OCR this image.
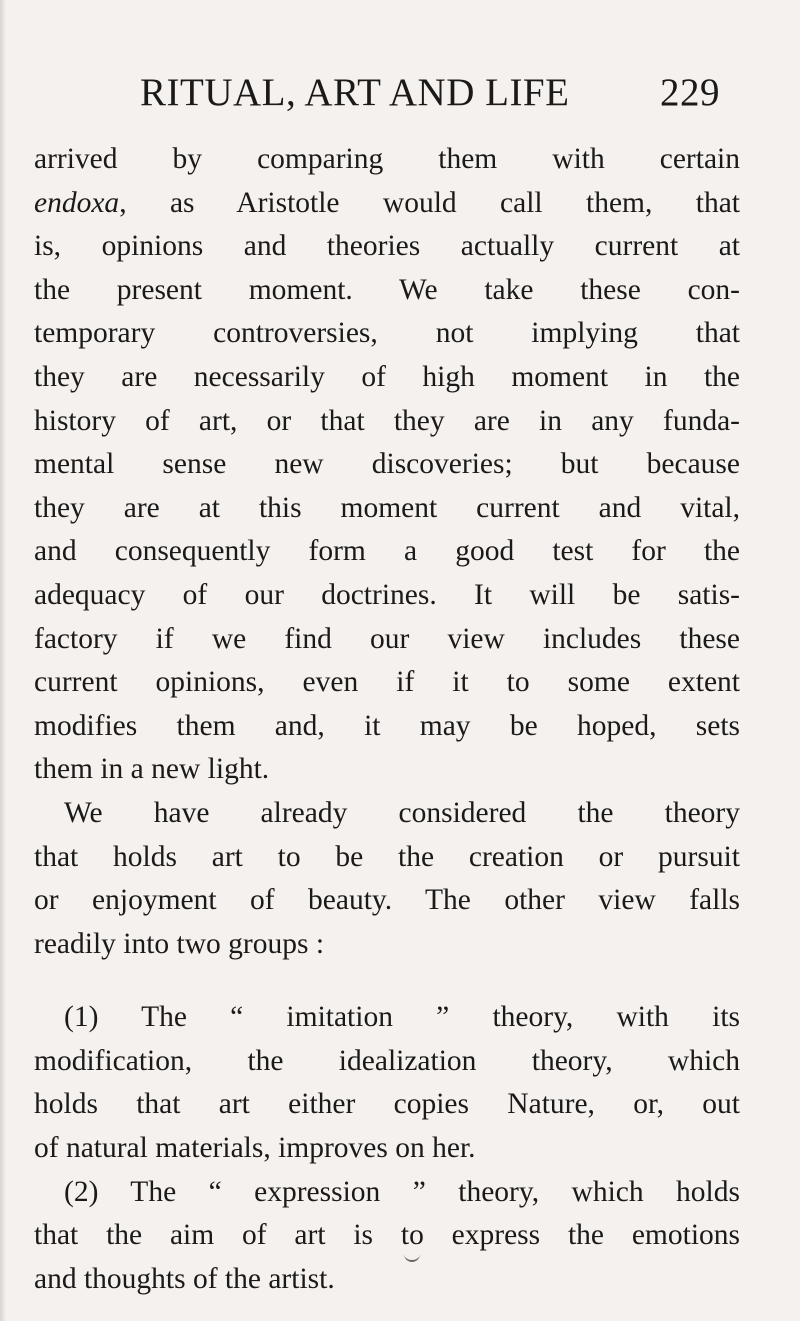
RITUAL, ART AND LIFE 229
arrived by comparing them with certain
endoxa, as Aristotle would call them, that
is, opinions and theories actually current at
the present moment. We take these con-
temporary controversies, not implying that
they are necessarily of high moment in the
history of art, or that they are in any funda-
mental sense new discoveries; but because
they are at this moment current and vital,
and consequently form a good test for the
adequacy of our doctrines. It will be satis-
factory if we find our view includes these
current opinions, even if it to some extent
modifies them and, it may be hoped, sets
them in a new light.
We have already considered the theory
that holds art to be the creation or pursuit
or enjoyment of beauty. The other view falls
readily into two groups :
(1) The “ imitation ” theory, with its
modification, the idealization theory, which
holds that art either copies Nature, or, out
of natural materials, improves on her.
(2) The “ expression ” theory, which holds
that the aim of art is to express the emotions
and thoughts of the artist.
